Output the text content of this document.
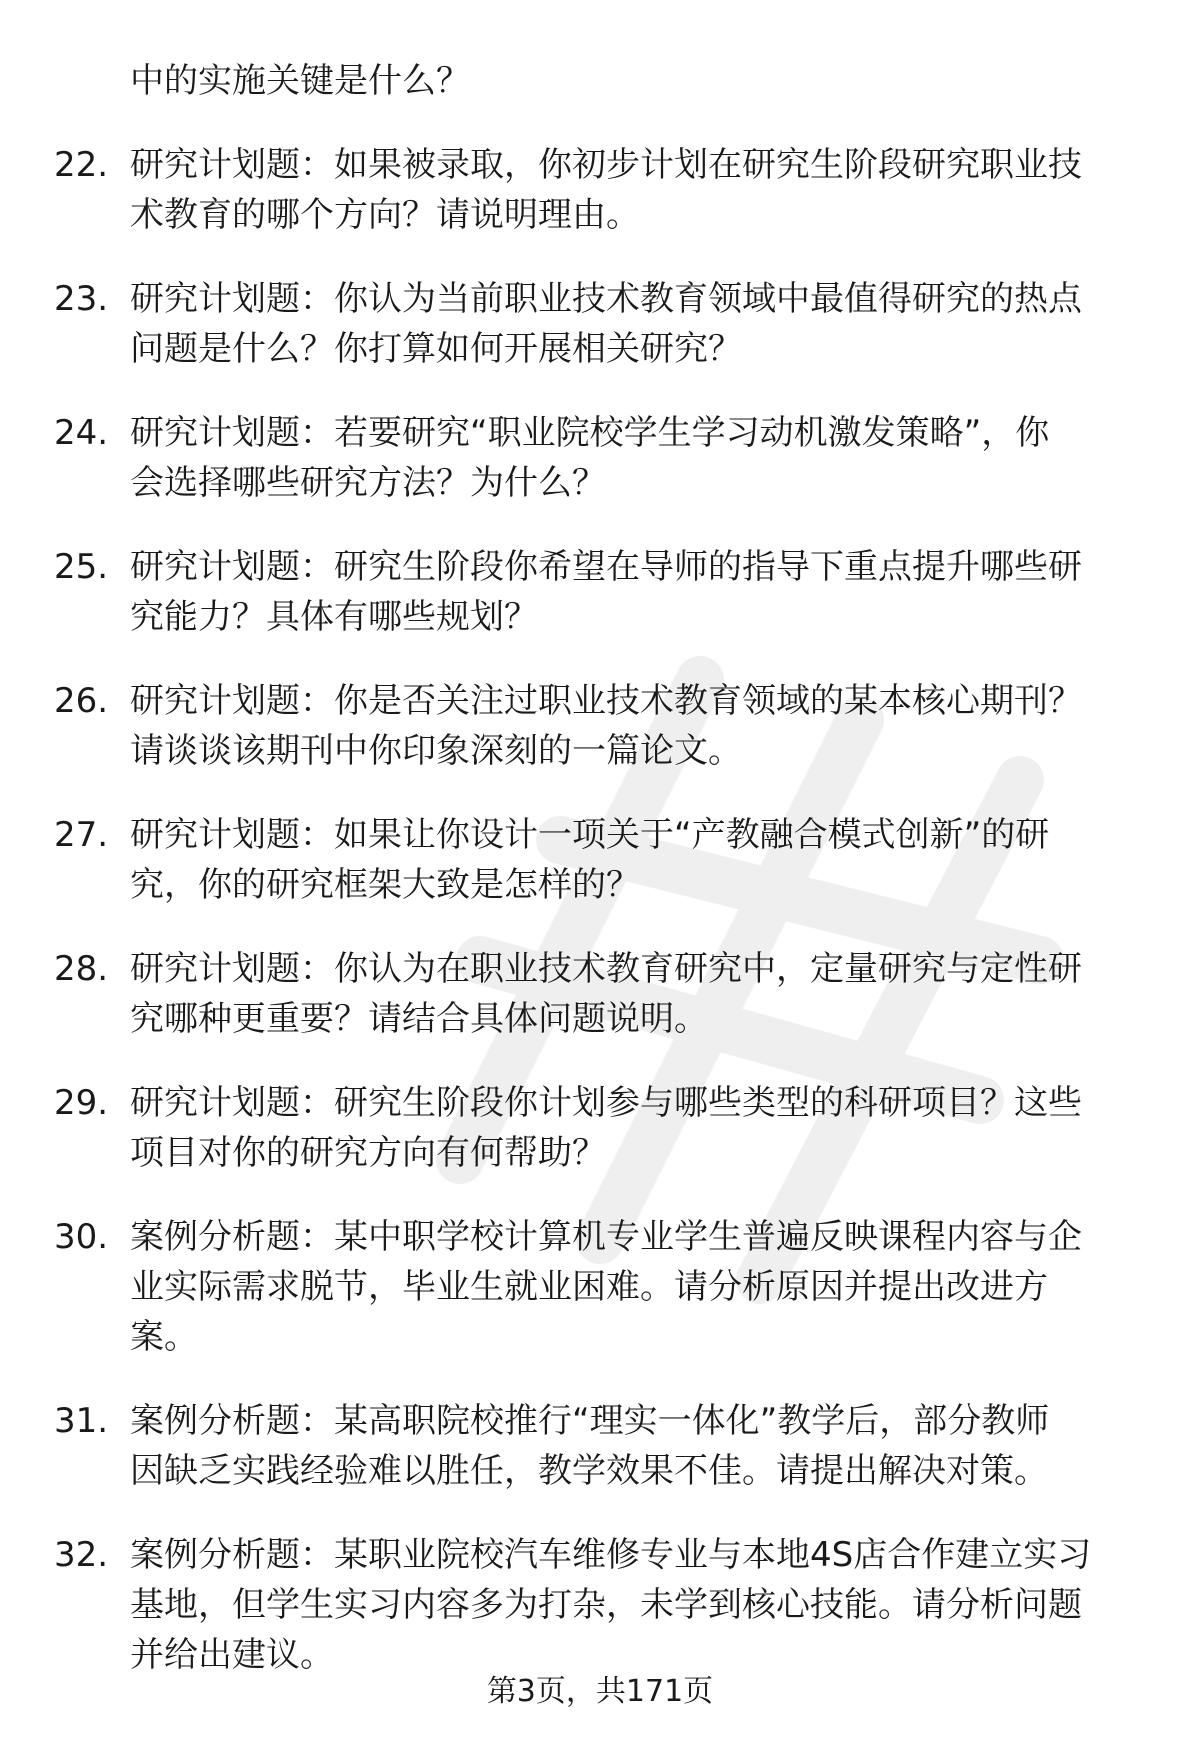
中的实施关键是什么？
22. 研究计划题：如果被录取，你初步计划在研究生阶段研究职业技
术教育的哪个方向？请说明理由。
23. 研究计划题：你认为当前职业技术教育领域中最值得研究的热点
问题是什么？你打算如何开展相关研究？
24. 研究计划题：若要研究“职业院校学生学习动机激发策略”，你
会选择哪些研究方法？为什么？
25. 研究计划题：研究生阶段你希望在导师的指导下重点提升哪些研
究能力？具体有哪些规划？
26. 研究计划题：你是否关注过职业技术教育领域的某本核心期刊？
请谈谈该期刊中你印象深刻的一篇论文。
27. 研究计划题：如果让你设计一项关于“产教融合模式创新”的研
究，你的研究框架大致是怎样的？
28. 研究计划题：你认为在职业技术教育研究中，定量研究与定性研
究哪种更重要？请结合具体问题说明。
29. 研究计划题：研究生阶段你计划参与哪些类型的科研项目？这些
项目对你的研究方向有何帮助？
30. 案例分析题：某中职学校计算机专业学生普遍反映课程内容与企
业实际需求脱节，毕业生就业困难。请分析原因并提出改进方
案。
31. 案例分析题：某高职院校推行“理实一体化”教学后，部分教师
因缺乏实践经验难以胜任，教学效果不佳。请提出解决对策。
32. 案例分析题：某职业院校汽车维修专业与本地4S店合作建立实习
基地，但学生实习内容多为打杂，未学到核心技能。请分析问题
并给出建议。
第3页，共171页
